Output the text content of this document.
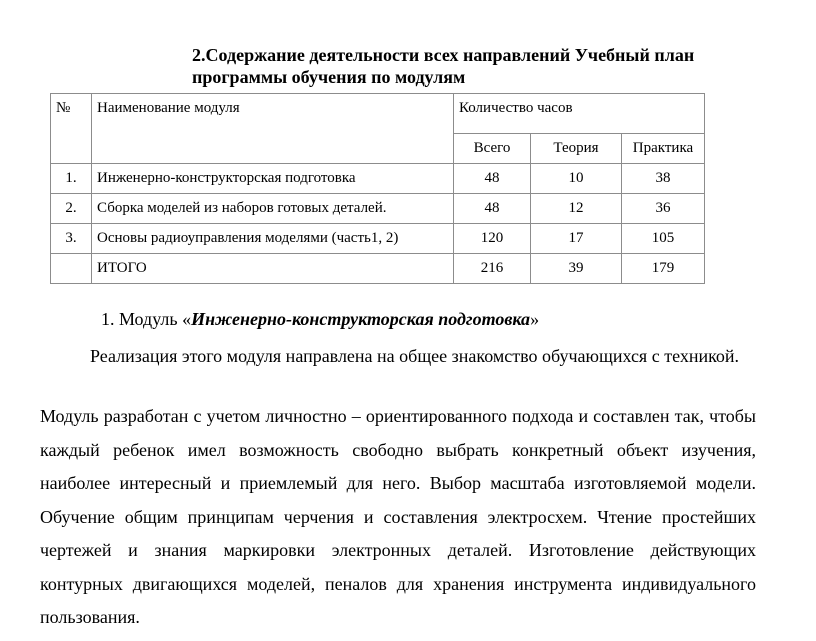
2.Содержание деятельности всех направлений Учебный план
программы обучения по модулям
№	Наименование модуля	Количество часов		
		Всего	Теория	Практика
1.	Инженерно-конструкторская подготовка	48	10	38
2.	Сборка моделей из наборов готовых деталей.	48	12	36
3.	Основы радиоуправления моделями (часть1, 2)	120	17	105
	ИТОГО	216	39	179
1. Модуль «Инженерно-конструкторская подготовка»
Реализация этого модуля направлена на общее знакомство обучающихся с техникой.
Модуль разработан с учетом личностно – ориентированного подхода и составлен так, чтобы каждый ребенок имел возможность свободно выбрать конкретный объект изучения, наиболее интересный и приемлемый для него. Выбор масштаба изготовляемой модели. Обучение общим принципам черчения и составления электросхем. Чтение простейших чертежей и знания маркировки электронных деталей. Изготовление действующих контурных двигающихся моделей, пеналов для хранения инструмента индивидуального пользования.
